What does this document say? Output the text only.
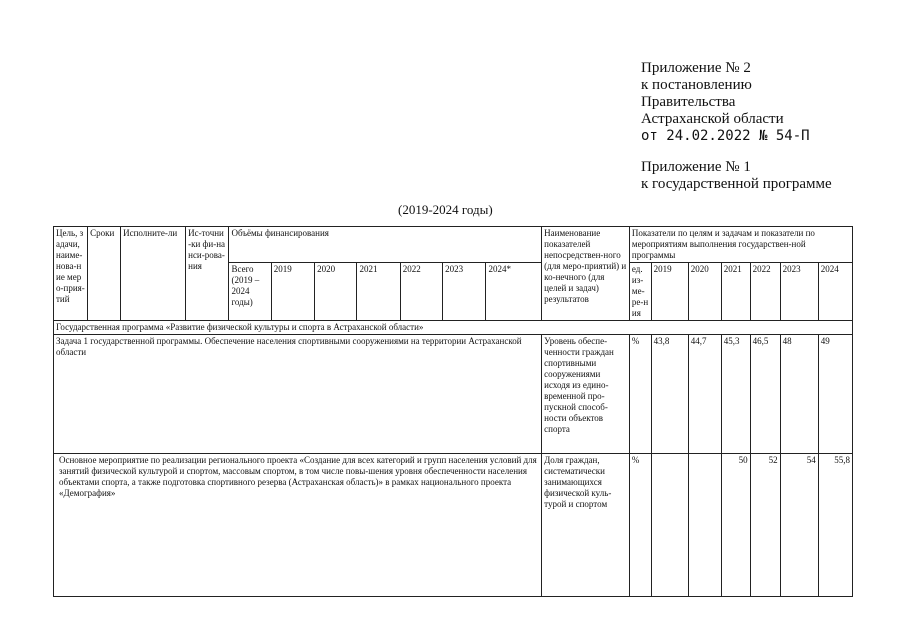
Приложение № 2
к постановлению
Правительства
Астраханской области
от 24.02.2022 № 54-П
Приложение № 1
к государственной программе
(2019-2024 годы)
Цель, задачи, наиме-нова-ние меро-прия-тий	Сроки	Исполните-ли	Ис-точни-ки фи-нанси-рова-ния	Объёмы финансирования							Наименование показателей непосредствен-ного (для меро-приятий) и ко-нечного (для целей и задач) результатов	Показатели по целям и задачам и показатели по мероприятиям выполнения государствен-ной программы						
				Всего (2019 – 2024 годы)	2019	2020	2021	2022	2023	2024*		ед. из-ме-ре-ния	2019	2020	2021	2022	2023	2024
Государственная программа «Развитие физической культуры и спорта в Астраханской области»																		
Задача 1 государственной программы. Обеспечение населения спортивными сооружениями на территории Астраханской области											Уровень обеспе-ченности граждан спортивными сооружениями исходя из едино-временной про-пускной способ-ности объектов спорта	%	43,8	44,7	45,3	46,5	48	49
Основное мероприятие по реализации регионального проекта «Создание для всех категорий и групп населения условий для занятий физической культурой и спортом, массовым спортом, в том числе повы-шения уровня обеспеченности населения объектами спорта, а также подготовка спортивного резерва (Астраханская область)» в рамках национального проекта «Демография»											Доля граждан, систематически занимающихся физической куль-турой и спортом	%			50	52	54	55,8
